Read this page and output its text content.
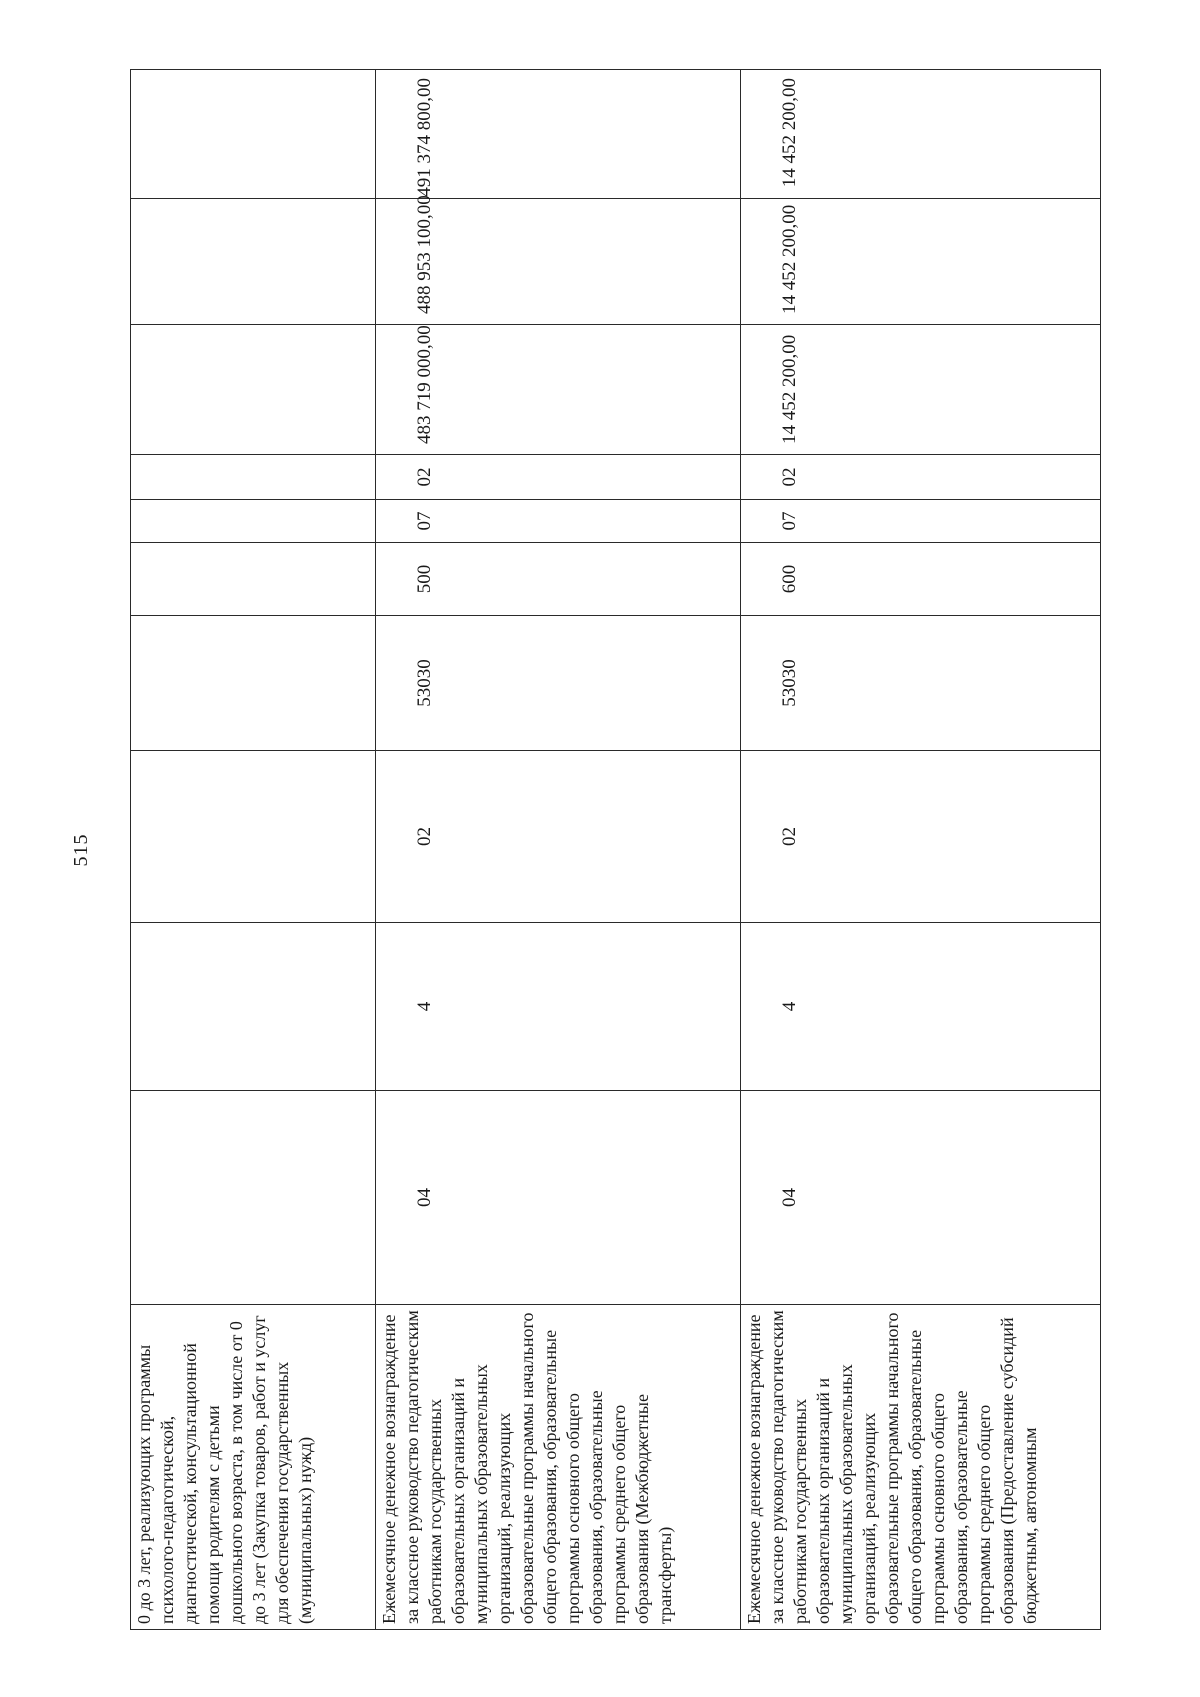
515
0 до 3 лет, реализующих программы психолого-педагогической, диагностической, консультационной помощи родителям с детьми дошкольного возраста, в том числе от 0 до 3 лет (Закупка товаров, работ и услуг для обеспечения государственных (муниципальных) нужд)										
Ежемесячное денежное вознаграждение за классное руководство педагогическим работникам государственных образовательных организаций и муниципальных образовательных организаций, реализующих образовательные программы начального общего образования, образовательные программы основного общего образования, образовательные программы среднего общего образования (Межбюджетные трансферты)	04	4	02	53030	500	07	02	483 719 000,00	488 953 100,00	491 374 800,00
Ежемесячное денежное вознаграждение за классное руководство педагогическим работникам государственных образовательных организаций и муниципальных образовательных организаций, реализующих образовательные программы начального общего образования, образовательные программы основного общего образования, образовательные программы среднего общего образования (Предоставление субсидий бюджетным, автономным	04	4	02	53030	600	07	02	14 452 200,00	14 452 200,00	14 452 200,00
